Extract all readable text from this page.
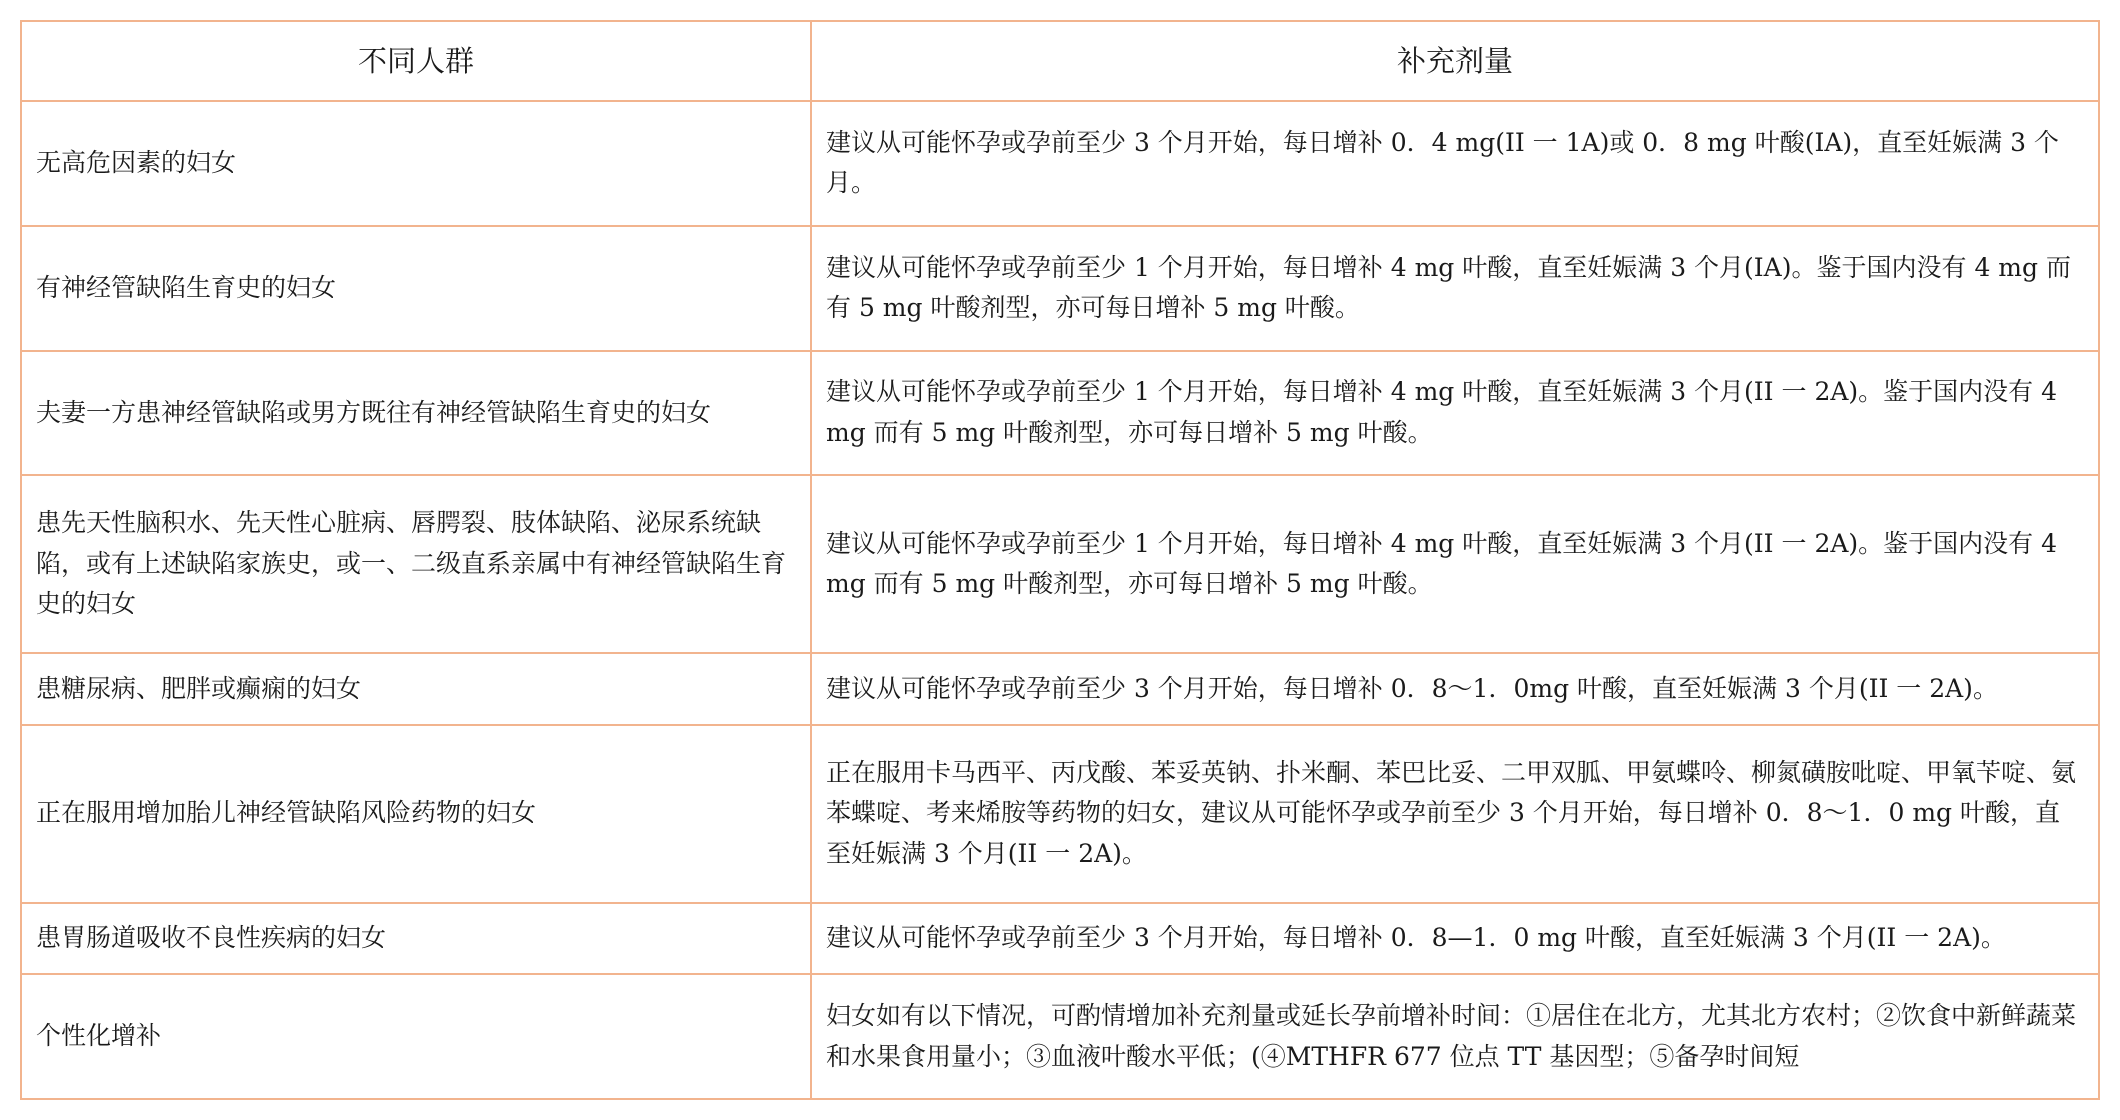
不同人群	补充剂量
无高危因素的妇女	建议从可能怀孕或孕前至少 3 个月开始，每日增补 0．4 mg(II 一 1A)或 0．8 mg 叶酸(IA)，直至妊娠满 3 个月。
有神经管缺陷生育史的妇女	建议从可能怀孕或孕前至少 1 个月开始，每日增补 4 mg 叶酸，直至妊娠满 3 个月(IA)。鉴于国内没有 4 mg 而有 5 mg 叶酸剂型，亦可每日增补 5 mg 叶酸。
夫妻一方患神经管缺陷或男方既往有神经管缺陷生育史的妇女	建议从可能怀孕或孕前至少 1 个月开始，每日增补 4 mg 叶酸，直至妊娠满 3 个月(II 一 2A)。鉴于国内没有 4 mg 而有 5 mg 叶酸剂型，亦可每日增补 5 mg 叶酸。
患先天性脑积水、先天性心脏病、唇腭裂、肢体缺陷、泌尿系统缺陷，或有上述缺陷家族史，或一、二级直系亲属中有神经管缺陷生育史的妇女	建议从可能怀孕或孕前至少 1 个月开始，每日增补 4 mg 叶酸，直至妊娠满 3 个月(II 一 2A)。鉴于国内没有 4 mg 而有 5 mg 叶酸剂型，亦可每日增补 5 mg 叶酸。
患糖尿病、肥胖或癫痫的妇女	建议从可能怀孕或孕前至少 3 个月开始，每日增补 0．8～1．0mg 叶酸，直至妊娠满 3 个月(II 一 2A)。
正在服用增加胎儿神经管缺陷风险药物的妇女	正在服用卡马西平、丙戊酸、苯妥英钠、扑米酮、苯巴比妥、二甲双胍、甲氨蝶呤、柳氮磺胺吡啶、甲氧苄啶、氨苯蝶啶、考来烯胺等药物的妇女，建议从可能怀孕或孕前至少 3 个月开始，每日增补 0．8～1．0 mg 叶酸，直至妊娠满 3 个月(II 一 2A)。
患胃肠道吸收不良性疾病的妇女	建议从可能怀孕或孕前至少 3 个月开始，每日增补 0．8—1．0 mg 叶酸，直至妊娠满 3 个月(II 一 2A)。
个性化增补	妇女如有以下情况，可酌情增加补充剂量或延长孕前增补时间：①居住在北方，尤其北方农村；②饮食中新鲜蔬菜和水果食用量小；③血液叶酸水平低；(④MTHFR 677 位点 TT 基因型；⑤备孕时间短
